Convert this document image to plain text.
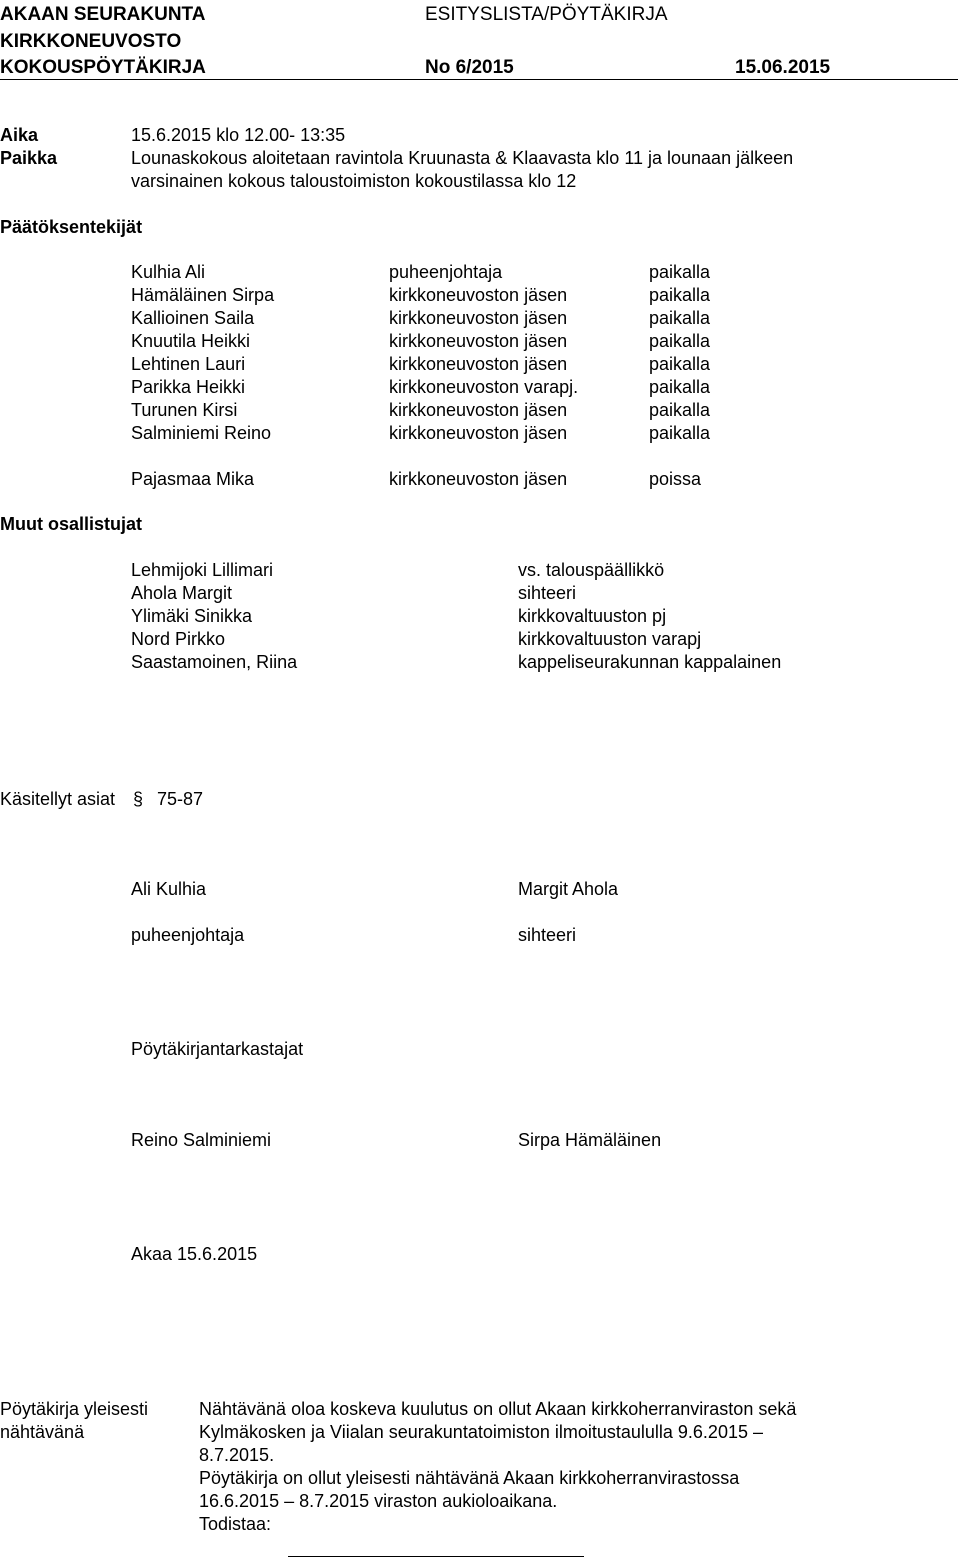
AKAAN SEURAKUNTA	ESITYSLISTA/PÖYTÄKIRJA
KIRKKONEUVOSTO
KOKOUSPÖYTÄKIRJA	No 6/2015	15.06.2015
Aika	15.6.2015 klo 12.00- 13:35
Paikka	Lounaskokous aloitetaan ravintola Kruunasta & Klaavasta klo 11 ja lounaan jälkeen
varsinainen kokous taloustoimiston kokoustilassa klo 12
Päätöksentekijät
Kulhia Ali	puheenjohtaja	paikalla
Hämäläinen Sirpa	kirkkoneuvoston jäsen	paikalla
Kallioinen Saila	kirkkoneuvoston jäsen	paikalla
Knuutila Heikki	kirkkoneuvoston jäsen	paikalla
Lehtinen Lauri	kirkkoneuvoston jäsen	paikalla
Parikka Heikki	kirkkoneuvoston varapj.	paikalla
Turunen Kirsi	kirkkoneuvoston jäsen	paikalla
Salminiemi Reino	kirkkoneuvoston jäsen	paikalla
Pajasmaa Mika	kirkkoneuvoston jäsen	poissa
Muut osallistujat
Lehmijoki Lillimari	vs. talouspäällikkö
Ahola Margit	sihteeri
Ylimäki Sinikka	kirkkovaltuuston pj
Nord Pirkko	kirkkovaltuuston varapj
Saastamoinen, Riina	kappeliseurakunnan kappalainen
Käsitellyt asiat § 75-87
Ali Kulhia	Margit Ahola
puheenjohtaja	sihteeri
Pöytäkirjantarkastajat
Reino Salminiemi	Sirpa Hämäläinen
Akaa 15.6.2015
Pöytäkirja yleisesti
nähtävänä
Nähtävänä oloa koskeva kuulutus on ollut Akaan kirkkoherranviraston sekä
Kylmäkosken ja Viialan seurakuntatoimiston ilmoitustaululla 9.6.2015 –
8.7.2015.
Pöytäkirja on ollut yleisesti nähtävänä Akaan kirkkoherranvirastossa
16.6.2015 – 8.7.2015 viraston aukioloaikana.
Todistaa:
